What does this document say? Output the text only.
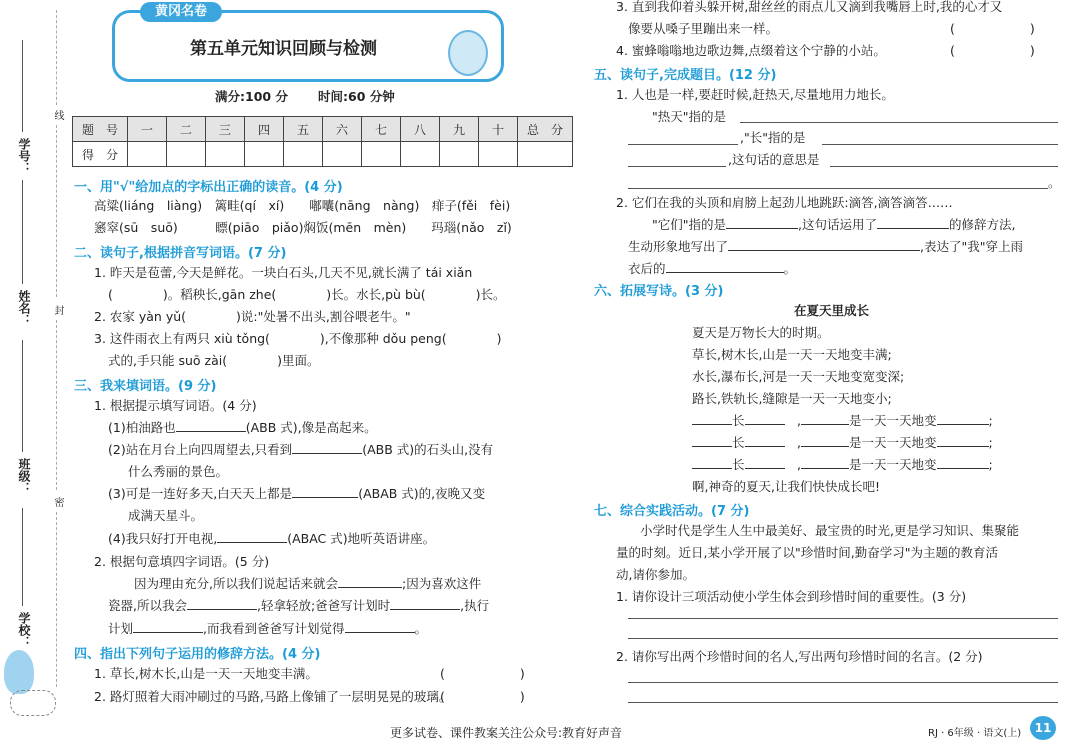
学号：
姓名：
班级：
学校：
线
封
密
黄冈名卷
第五单元知识回顾与检测
满分:100 分 时间:60 分钟
题　号	一	二	三	四	五	六	七	八	九	十	总　分
得　分											
一、用"√"给加点的字标出正确的读音。(4 分)
高粱(liáng　liàng)　篱畦(qí　xí)　　嘟囔(nāng　nàng)　痱子(fěi　fèi)
窸窣(sū　suō)　　　瞟(piāo　piǎo)焖饭(mēn　mèn)　　玛瑙(nǎo　zǐ)
二、读句子,根据拼音写词语。(7 分)
1. 昨天是苞蕾,今天是鲜花。一块白石头,几天不见,就长满了 tái xiǎn
(　　　　)。稻秧长,gān zhe(　　　　)长。水长,pù bù(　　　　)长。
2. 农家 yàn yǔ(　　　　)说:"处暑不出头,割谷喂老牛。"
3. 这件雨衣上有两只 xiù tǒng(　　　　),不像那种 dǒu peng(　　　　)
式的,手只能 suō zài(　　　　)里面。
三、我来填词语。(9 分)
1. 根据提示填写词语。(4 分)
(1)柏油路也	(ABB 式),像是高起来。
(2)站在月台上向四周望去,只看到	(ABB 式)的石头山,没有
什么秀丽的景色。
(3)可是一连好多天,白天天上都是	(ABAB 式)的,夜晚又变
成满天星斗。
(4)我只好打开电视,	(ABAC 式)地听英语讲座。
2. 根据句意填四字词语。(5 分)
因为理由充分,所以我们说起话来就会	;因为喜欢这件
瓷器,所以我会	,轻拿轻放;爸爸写计划时	,执行
计划	,而我看到爸爸写计划觉得	。
四、指出下列句子运用的修辞方法。(4 分)
1. 草长,树木长,山是一天一天地变丰满。	(　　　　　　)
2. 路灯照着大雨冲刷过的马路,马路上像铺了一层明晃晃的玻璃。
(　　　　　　)
3. 直到我仰着头躲开树,甜丝丝的雨点儿又滴到我嘴唇上时,我的心才又
像要从嗓子里蹦出来一样。	(　　　　　　)
4. 蜜蜂嗡嗡地边歌边舞,点缀着这个宁静的小站。	(　　　　　　)
五、读句子,完成题目。(12 分)
1. 人也是一样,要赶时候,赶热天,尽量地用力地长。
"热天"指的是
,"长"指的是
,这句话的意思是
。
2. 它们在我的头顶和肩膀上起劲儿地跳跃:滴答,滴答滴答……
"它们"指的是	,这句话运用了	的修辞方法,
生动形象地写出了	,表达了"我"穿上雨
衣后的	。
六、拓展写诗。(3 分)
在夏天里成长
夏天是万物长大的时期。
草长,树木长,山是一天一天地变丰满;
水长,瀑布长,河是一天一天地变宽变深;
路长,铁轨长,缝隙是一天一天地变小;
长	　,	是一天一天地变	;
长	　,	是一天一天地变	;
长	　,	是一天一天地变	;
啊,神奇的夏天,让我们快快成长吧!
七、综合实践活动。(7 分)
小学时代是学生人生中最美好、最宝贵的时光,更是学习知识、集聚能
量的时刻。近日,某小学开展了以"珍惜时间,勤奋学习"为主题的教育活
动,请你参加。
1. 请你设计三项活动使小学生体会到珍惜时间的重要性。(3 分)
2. 请你写出两个珍惜时间的名人,写出两句珍惜时间的名言。(2 分)
更多试卷、课件教案关注公众号:教育好声音	RJ · 6年级 · 语文(上)	11
